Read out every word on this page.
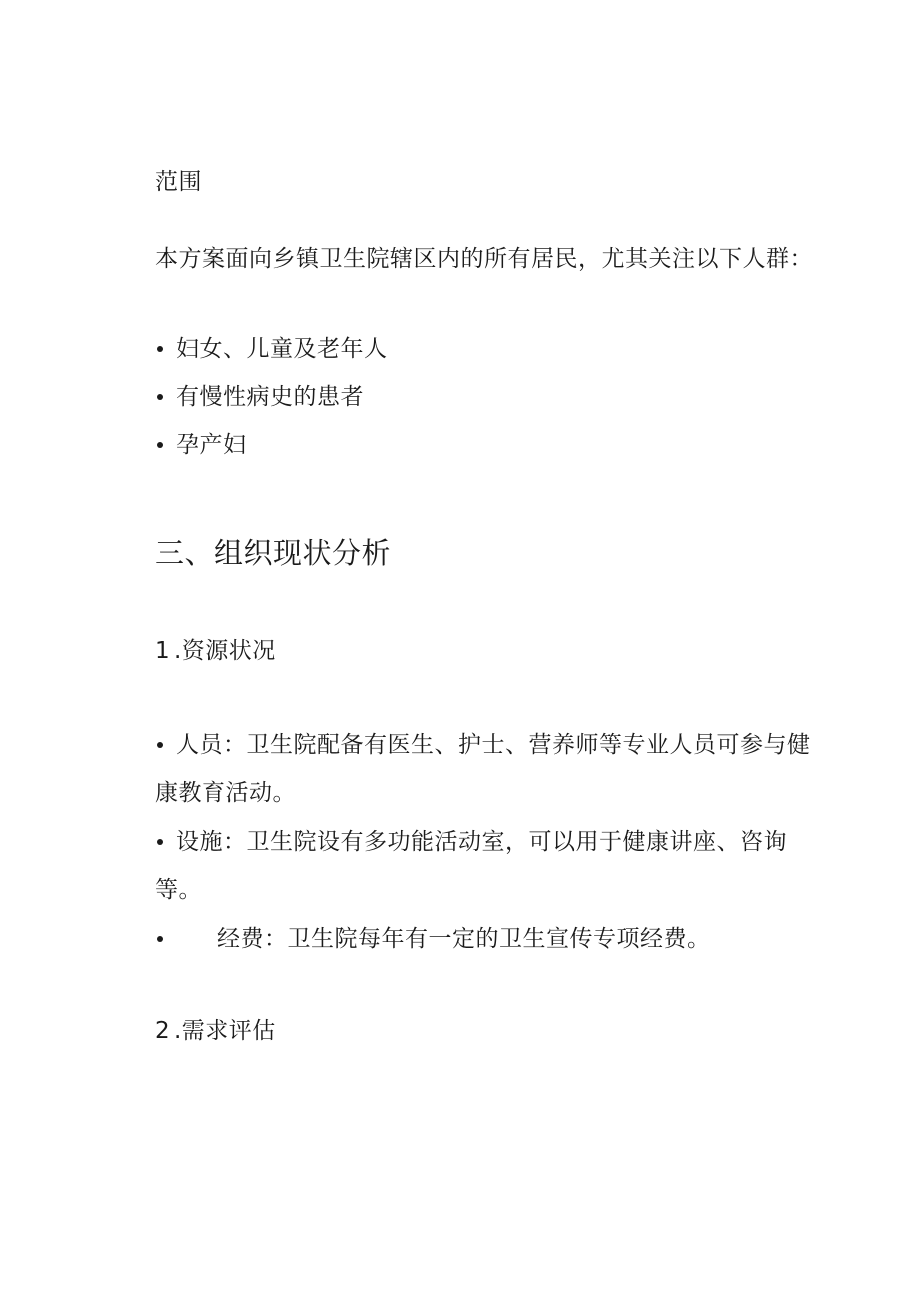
范围
本方案面向乡镇卫生院辖区内的所有居民，尤其关注以下人群：
妇女、儿童及老年人
有慢性病史的患者
孕产妇
三、组织现状分析
1 .资源状况
人员：卫生院配备有医生、护士、营养师等专业人员可参与健
康教育活动。
设施：卫生院设有多功能活动室，可以用于健康讲座、咨询
等。
经费：卫生院每年有一定的卫生宣传专项经费。
2 .需求评估
